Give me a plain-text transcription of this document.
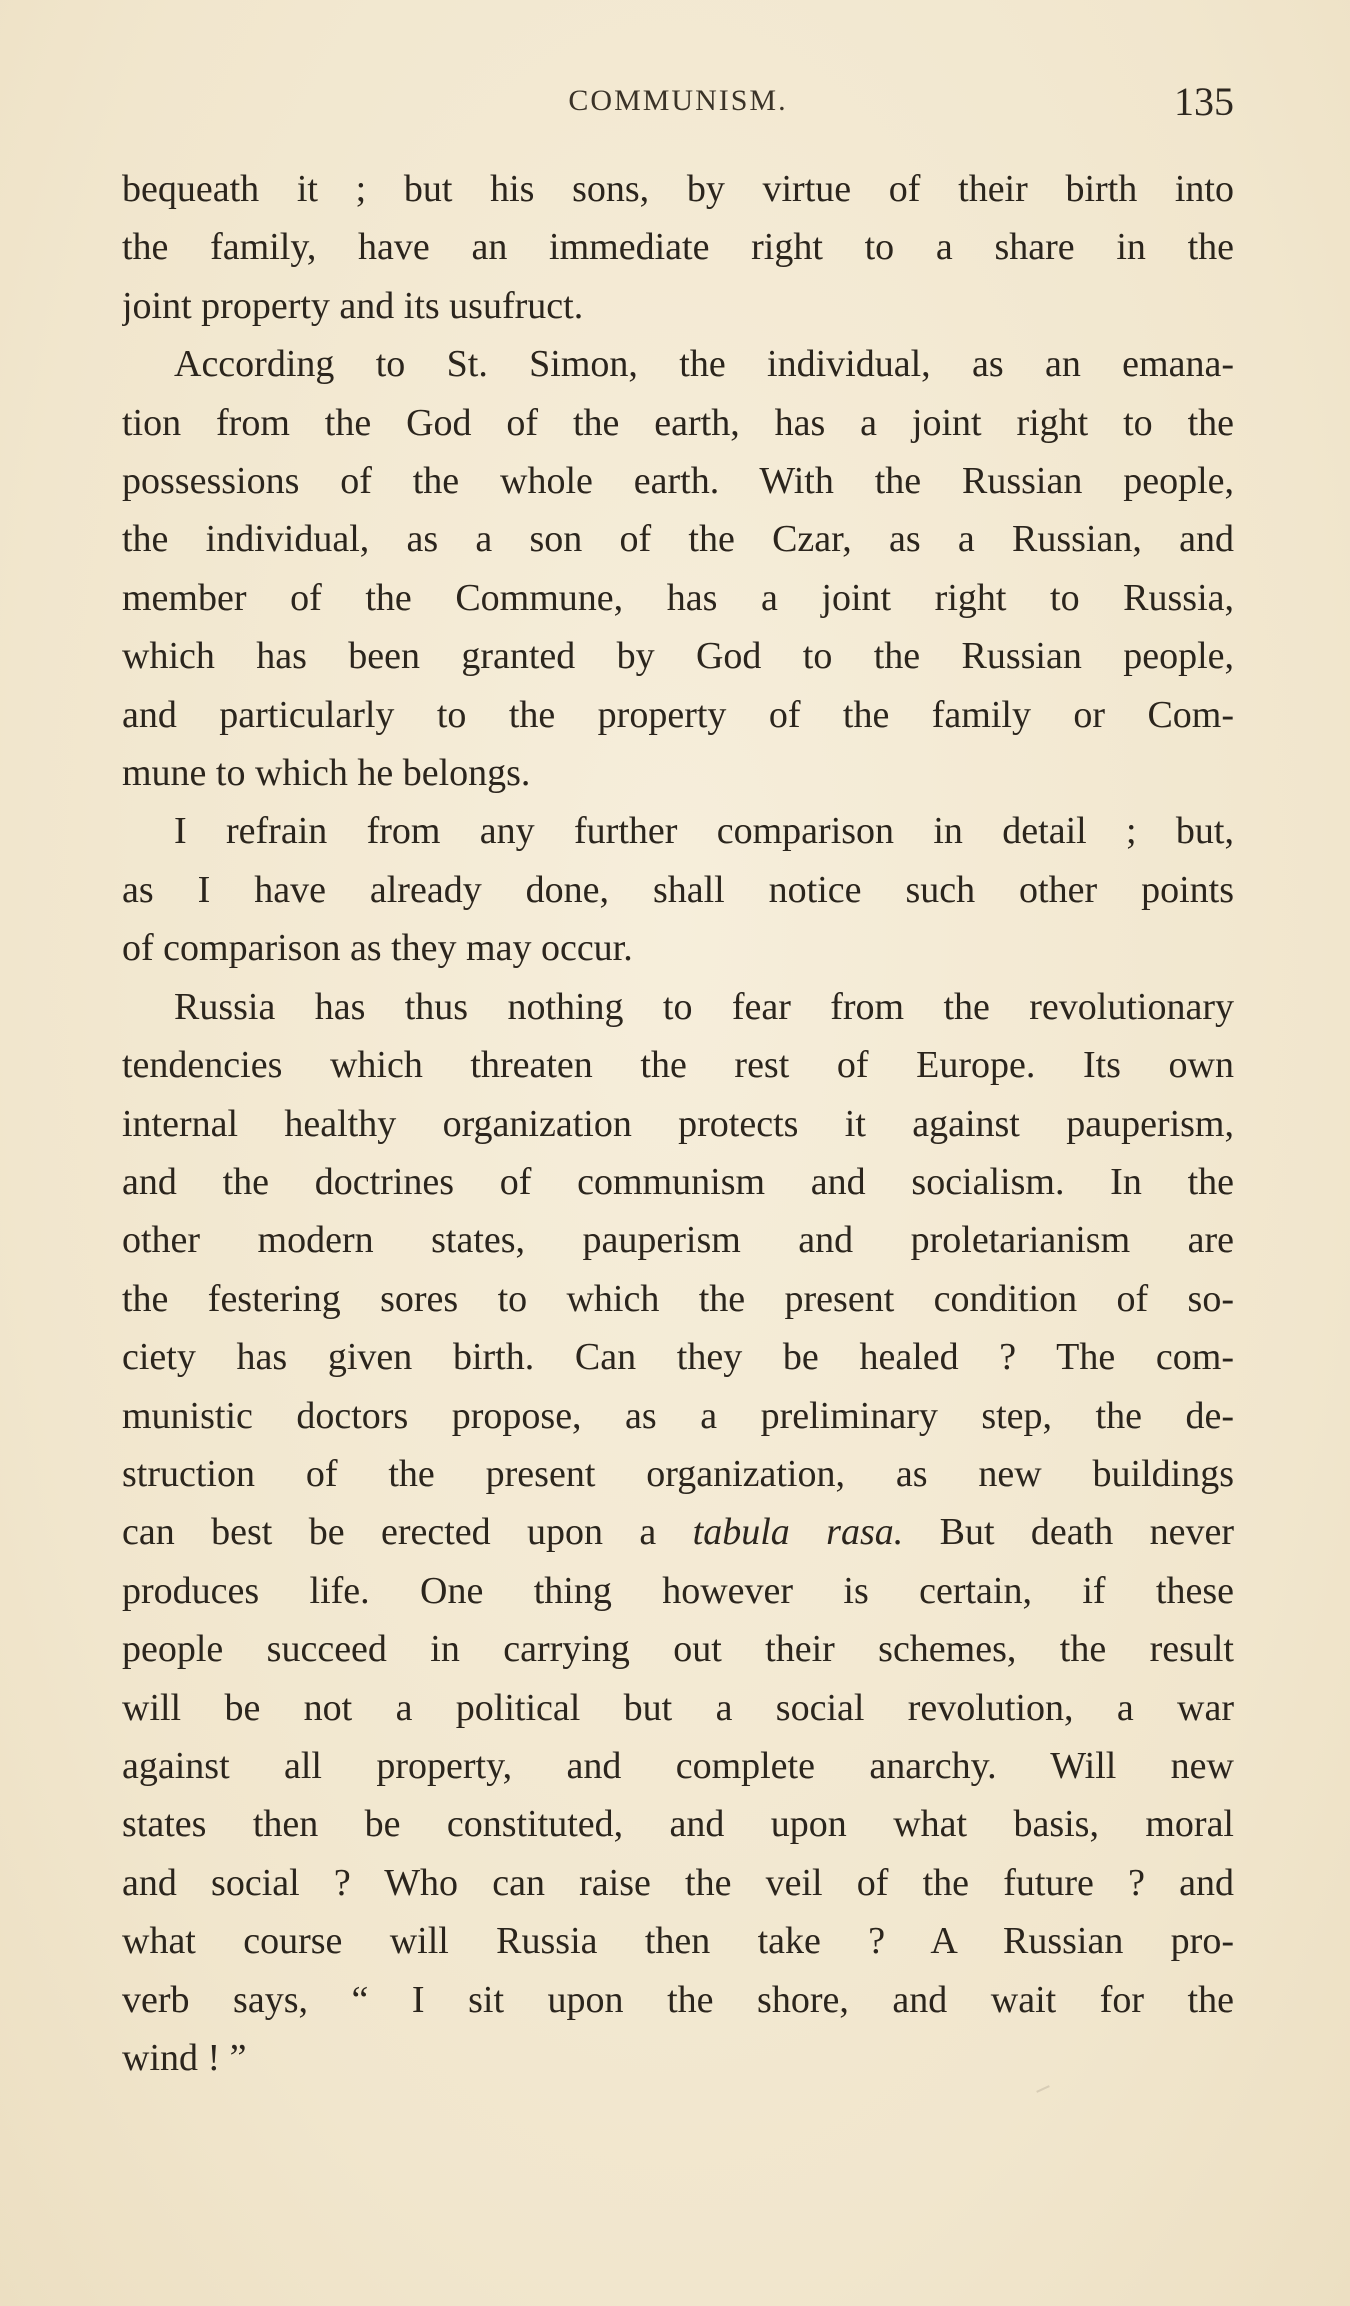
COMMUNISM.	135
bequeath it ; but his sons, by virtue of their birth into
the family, have an immediate right to a share in the
joint property and its usufruct.
According to St. Simon, the individual, as an emana-
tion from the God of the earth, has a joint right to the
possessions of the whole earth. With the Russian people,
the individual, as a son of the Czar, as a Russian, and
member of the Commune, has a joint right to Russia,
which has been granted by God to the Russian people,
and particularly to the property of the family or Com-
mune to which he belongs.
I refrain from any further comparison in detail ; but,
as I have already done, shall notice such other points
of comparison as they may occur.
Russia has thus nothing to fear from the revolutionary
tendencies which threaten the rest of Europe. Its own
internal healthy organization protects it against pauperism,
and the doctrines of communism and socialism. In the
other modern states, pauperism and proletarianism are
the festering sores to which the present condition of so-
ciety has given birth. Can they be healed ? The com-
munistic doctors propose, as a preliminary step, the de-
struction of the present organization, as new buildings
can best be erected upon a tabula rasa. But death never
produces life. One thing however is certain, if these
people succeed in carrying out their schemes, the result
will be not a political but a social revolution, a war
against all property, and complete anarchy. Will new
states then be constituted, and upon what basis, moral
and social ? Who can raise the veil of the future ? and
what course will Russia then take ? A Russian pro-
verb says, “ I sit upon the shore, and wait for the
wind ! ”
